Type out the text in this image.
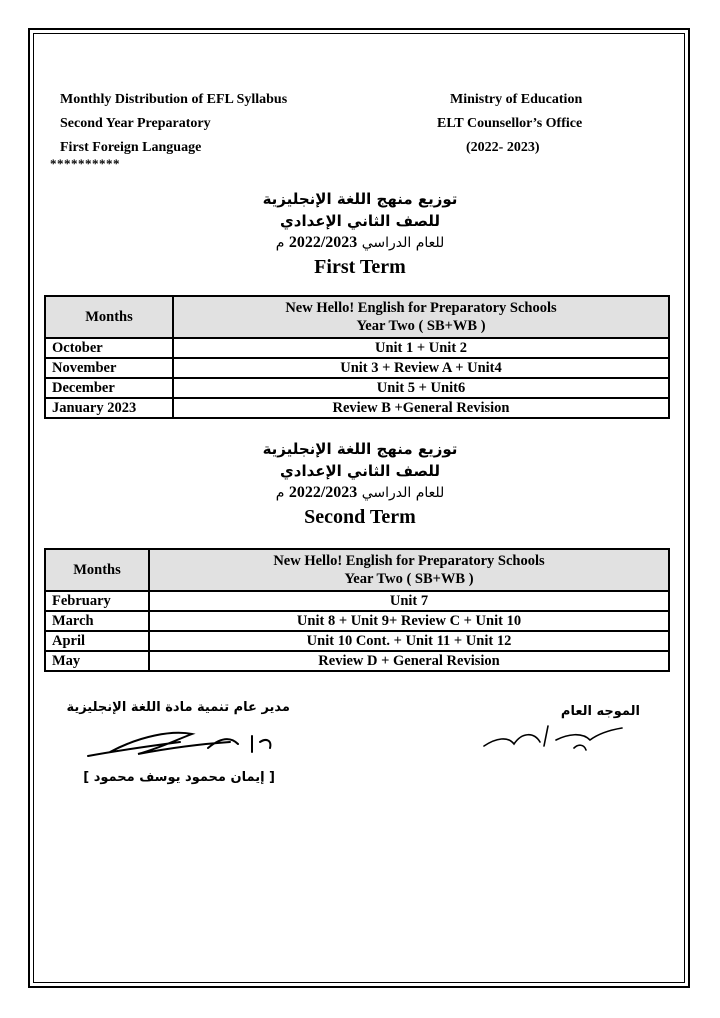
Monthly Distribution of EFL Syllabus
Second Year Preparatory
First Foreign Language
Ministry of Education
ELT Counsellor’s Office
(2022- 2023)
**********
توزيع منهج اللغة الإنجليزية
للصف الثاني الإعدادي
للعام الدراسي 2022/2023 م
First Term
Months	New Hello! English for Preparatory Schools
Year Two ( SB+WB )
October	Unit 1 + Unit 2
November	Unit 3 + Review A + Unit4
December	Unit 5 + Unit6
January 2023	Review B +General Revision
توزيع منهج اللغة الإنجليزية
للصف الثاني الإعدادي
للعام الدراسي 2022/2023 م
Second Term
Months	New Hello! English for Preparatory Schools
Year Two ( SB+WB )
February	Unit 7
March	Unit 8 + Unit 9+ Review C + Unit 10
April	Unit 10 Cont. + Unit 11 + Unit 12
May	Review D + General Revision
مدير عام تنمية مادة اللغة الإنجليزية
[ إيمان محمود يوسف محمود ]
الموجه العام
